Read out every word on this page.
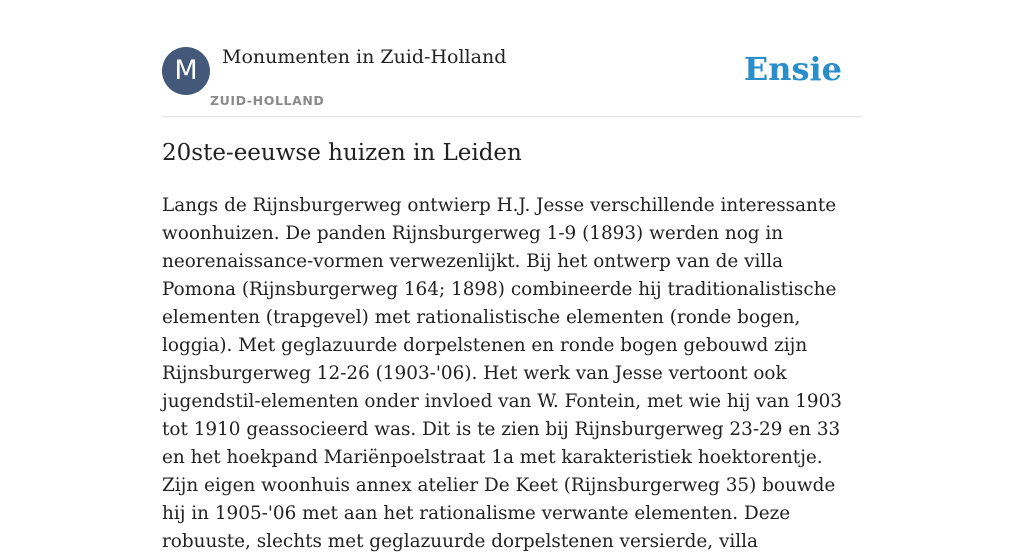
M	Monumenten in Zuid-Holland
ZUID-HOLLAND
Ensie
20ste-eeuwse huizen in Leiden

Langs de Rijnsburgerweg ontwierp H.J. Jesse verschillende interessante woonhuizen. De panden Rijnsburgerweg 1-9 (1893) werden nog in neorenaissance-vormen verwezenlijkt. Bij het ontwerp van de villa Pomona (Rijnsburgerweg 164; 1898) combineerde hij traditionalistische elementen (trapgevel) met rationalistische elementen (ronde bogen, loggia). Met geglazuurde dorpelstenen en ronde bogen gebouwd zijn Rijnsburgerweg 12-26 (1903-'06). Het werk van Jesse vertoont ook jugendstil-elementen onder invloed van W. Fontein, met wie hij van 1903 tot 1910 geassocieerd was. Dit is te zien bij Rijnsburgerweg 23-29 en 33 en het hoekpand Mariënpoelstraat 1a met karakteristiek hoektorentje. Zijn eigen woonhuis annex atelier De Keet (Rijnsburgerweg 35) bouwde hij in 1905-'06 met aan het rationalisme verwante elementen. Deze robuuste, slechts met geglazuurde dorpelstenen versierde, villa
